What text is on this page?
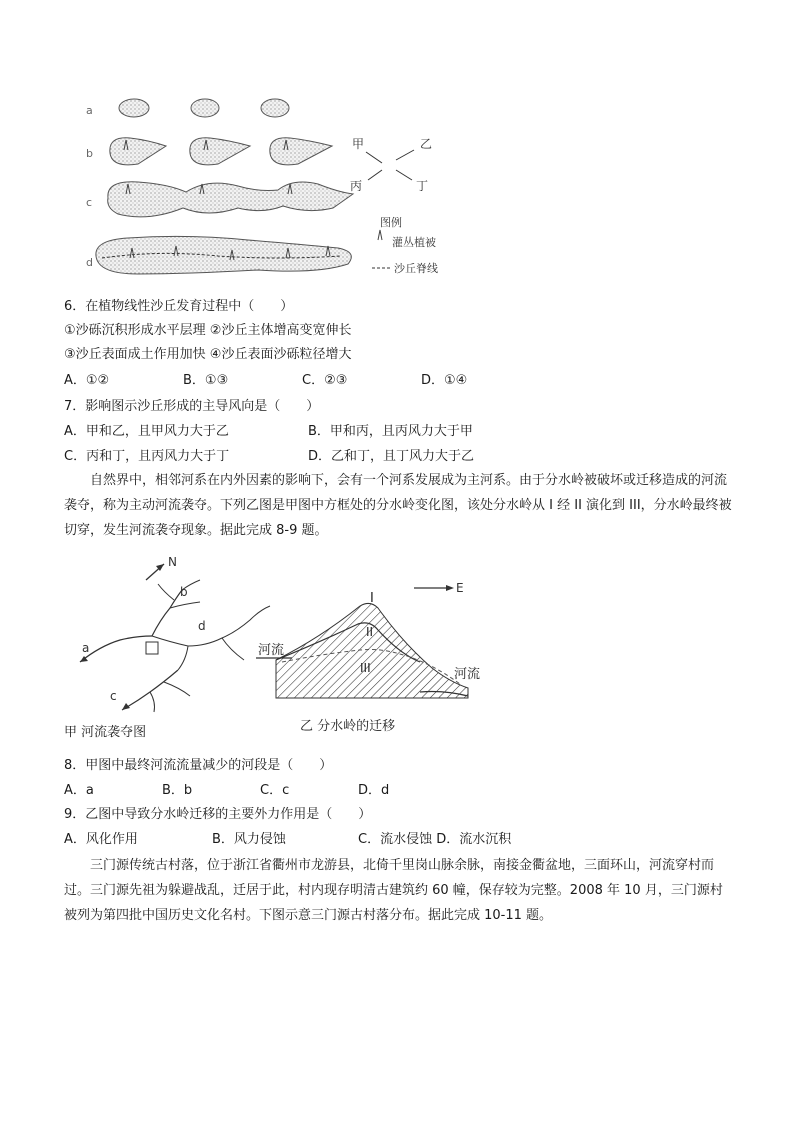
a
b
c
d
甲	乙
丙	丁
图例
灌丛植被
沙丘脊线
6．在植物线性沙丘发育过程中（　　）
①沙砾沉积形成水平层理 ②沙丘主体增高变宽伸长
③沙丘表面成土作用加快 ④沙丘表面沙砾粒径增大
A．①②	B．①③	C．②③	D．①④
7．影响图示沙丘形成的主导风向是（　　）
A．甲和乙，且甲风力大于乙	B．甲和丙，且丙风力大于甲
C．丙和丁，且丙风力大于丁	D．乙和丁，且丁风力大于乙
自然界中，相邻河系在内外因素的影响下，会有一个河系发展成为主河系。由于分水岭被破坏或迁移造成的河流袭夺，称为主动河流袭夺。下列乙图是甲图中方框处的分水岭变化图，该处分水岭从 I 经 II 演化到 III，分水岭最终被切穿，发生河流袭夺现象。据此完成 8-9 题。
N
a
b
c
d
甲 河流袭夺图
E
I
II
III
河流
河流
乙 分水岭的迁移
8．甲图中最终河流流量减少的河段是（　　）
A．a	B．b	C．c	D．d
9．乙图中导致分水岭迁移的主要外力作用是（　　）
A．风化作用	B．风力侵蚀	C．流水侵蚀 D．流水沉积
三门源传统古村落，位于浙江省衢州市龙游县，北倚千里岗山脉余脉，南接金衢盆地，三面环山，河流穿村而过。三门源先祖为躲避战乱，迁居于此，村内现存明清古建筑约 60 幢，保存较为完整。2008 年 10 月，三门源村被列为第四批中国历史文化名村。下图示意三门源古村落分布。据此完成 10-11 题。
